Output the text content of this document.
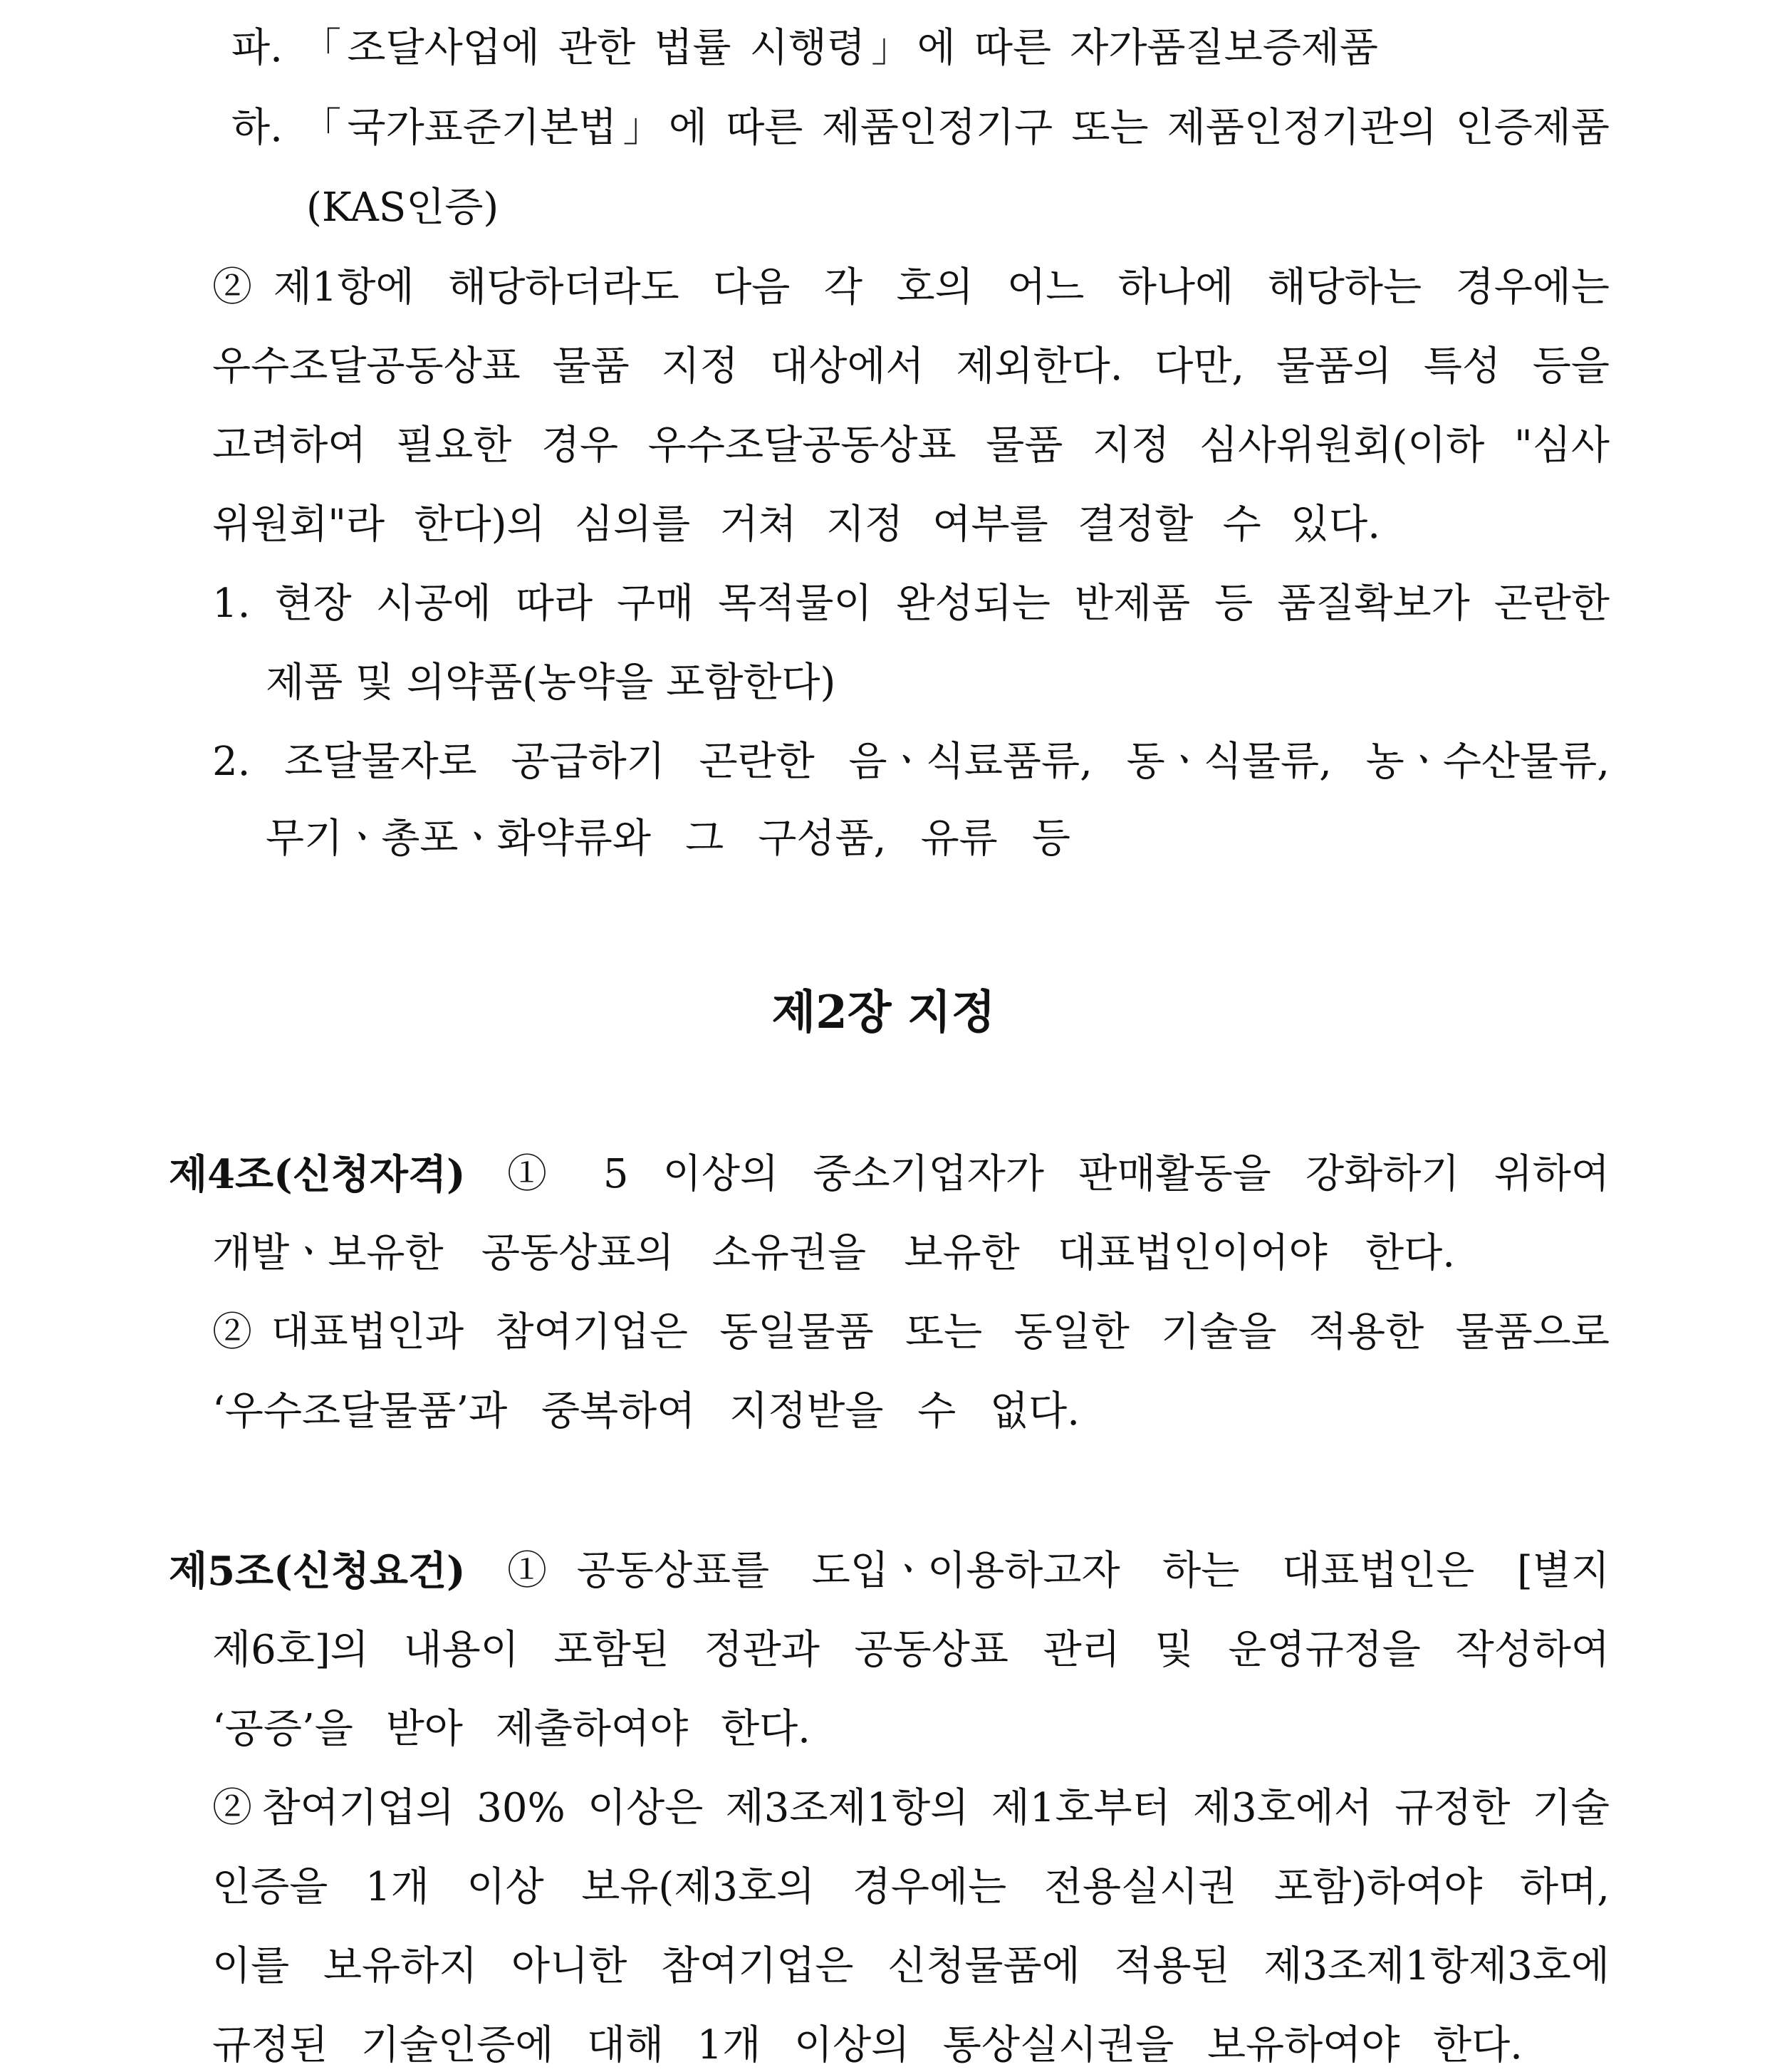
파. 「조달사업에 관한 법률 시행령」에 따른 자가품질보증제품
하. 「국가표준기본법」에 따른 제품인정기구 또는 제품인정기관의 인증제품
(KAS인증)
②제1항에 해당하더라도 다음 각 호의 어느 하나에 해당하는 경우에는
우수조달공동상표 물품 지정 대상에서 제외한다. 다만, 물품의 특성 등을
고려하여 필요한 경우 우수조달공동상표 물품 지정 심사위원회(이하 "심사
위원회"라 한다)의 심의를 거쳐 지정 여부를 결정할 수 있다.
1. 현장 시공에 따라 구매 목적물이 완성되는 반제품 등 품질확보가 곤란한
제품 및 의약품(농약을 포함한다)
2. 조달물자로 공급하기 곤란한 음ㆍ식료품류, 동ㆍ식물류, 농ㆍ수산물류,
무기ㆍ총포ㆍ화약류와 그 구성품, 유류 등
제2장 지정
제4조(신청자격) ① 5 이상의 중소기업자가 판매활동을 강화하기 위하여
개발ㆍ보유한 공동상표의 소유권을 보유한 대표법인이어야 한다.
②대표법인과 참여기업은 동일물품 또는 동일한 기술을 적용한 물품으로
‘우수조달물품’과 중복하여 지정받을 수 없다.
제5조(신청요건) ①공동상표를 도입ㆍ이용하고자 하는 대표법인은 [별지
제6호]의 내용이 포함된 정관과 공동상표 관리 및 운영규정을 작성하여
‘공증’을 받아 제출하여야 한다.
②참여기업의 30% 이상은 제3조제1항의 제1호부터 제3호에서 규정한 기술
인증을 1개 이상 보유(제3호의 경우에는 전용실시권 포함)하여야 하며,
이를 보유하지 아니한 참여기업은 신청물품에 적용된 제3조제1항제3호에
규정된 기술인증에 대해 1개 이상의 통상실시권을 보유하여야 한다.
